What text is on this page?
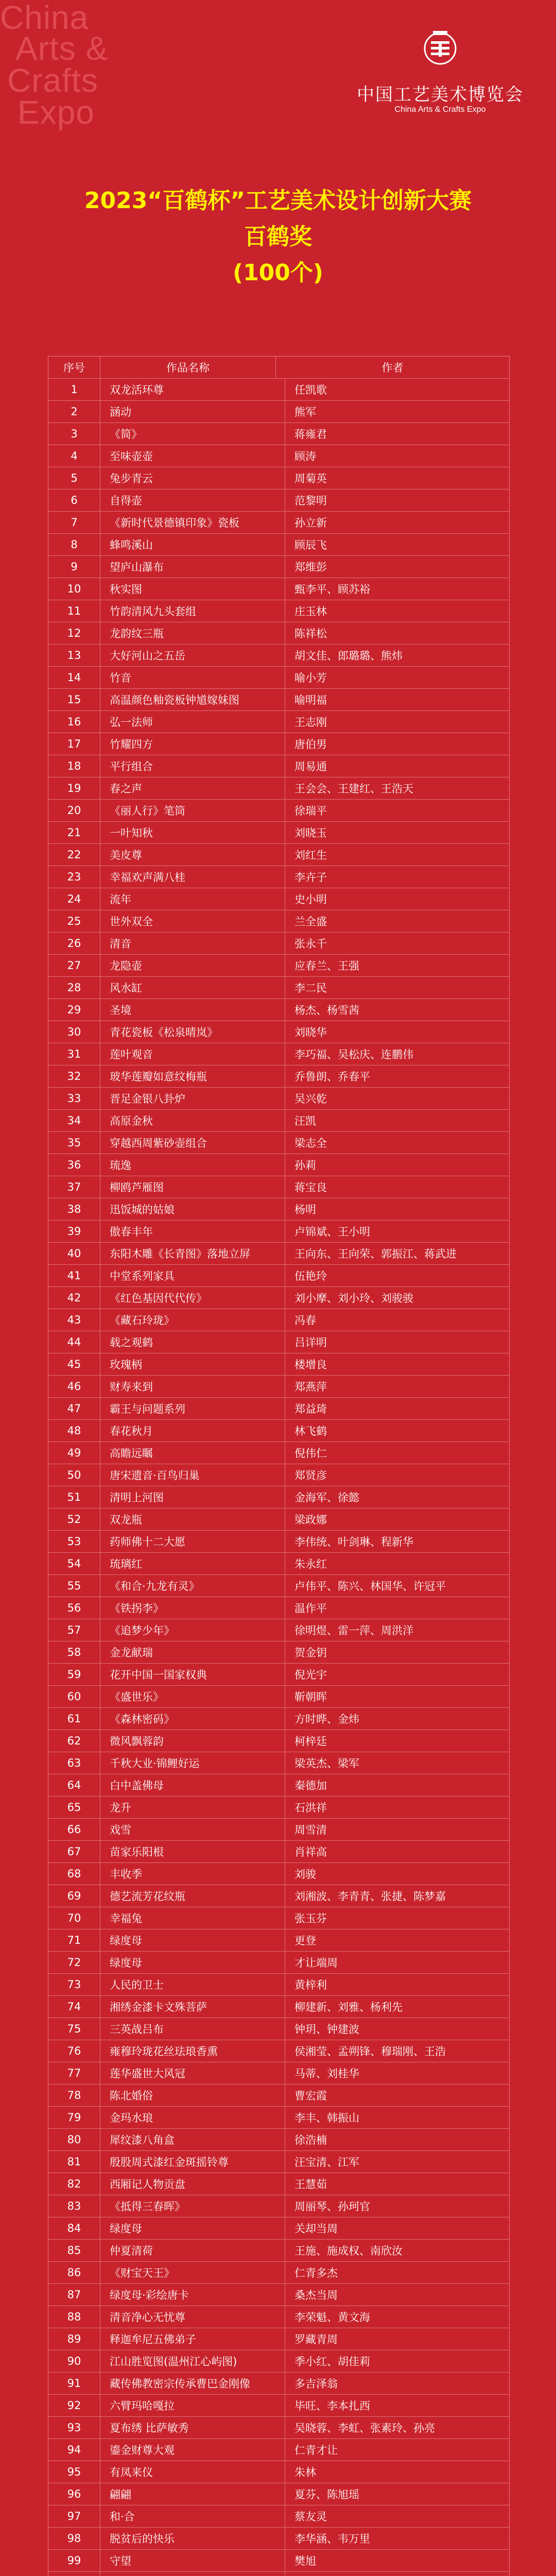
China
Arts &
Crafts
Expo	中国工艺美术博览会
China Arts & Crafts Expo
2023“百鹤杯”工艺美术设计创新大赛
百鹤奖
(100个)
序号	作品名称	作者
1	双龙活环尊	任凯歌
2	涵动	熊军
3	《简》	蒋雍君
4	至味壶壶	顾涛
5	兔步青云	周菊英
6	自得壶	范黎明
7	《新时代景德镇印象》瓷板	孙立新
8	蜂鸣溪山	顾辰飞
9	望庐山瀑布	郑维彭
10	秋实图	甄李平、顾苏裕
11	竹韵清风九头套组	庄玉林
12	龙韵纹三瓶	陈祥松
13	大好河山之五岳	胡文佳、郎璐璐、熊炜
14	竹音	喻小芳
15	高温颜色釉瓷板钟馗嫁妹图	喻明福
16	弘一法师	王志刚
17	竹耀四方	唐伯男
18	平行组合	周易通
19	春之声	王会会、王建红、王浩天
20	《丽人行》笔筒	徐瑞平
21	一叶知秋	刘晓玉
22	美皮尊	刘红生
23	幸福欢声满八桂	李卉子
24	流年	史小明
25	世外双全	兰全盛
26	清音	张永千
27	龙隐壶	应春兰、王强
28	风水缸	李二民
29	圣境	杨杰、杨雪茜
30	青花瓷板《松泉晴岚》	刘晓华
31	莲叶观音	李巧福、吴松庆、连鹏伟
32	玻华莲瓣如意纹梅瓶	乔鲁朗、乔春平
33	晋足金银八卦炉	吴兴乾
34	高原金秋	汪凯
35	穿越西周紫砂壶组合	梁志全
36	琉逸	孙莉
37	柳鸥芦雁图	蒋宝良
38	迅饭城的姑娘	杨明
39	傲春丰年	卢锦斌、王小明
40	东阳木雕《长青图》落地立屏	王向东、王向荣、郭振江、蒋武进
41	中堂系列家具	伍艳玲
42	《红色基因代代传》	刘小摩、刘小玲、刘骏骏
43	《藏石玲珑》	冯春
44	载之观鹤	吕详明
45	玫瑰柄	楼增良
46	财寿来到	郑燕萍
47	霸王与问题系列	郑益琦
48	春花秋月	林飞鹤
49	高瞻远瞩	倪伟仁
50	唐宋遗音·百鸟归巢	郑贤彦
51	清明上河图	金海军、徐懿
52	双龙瓶	梁政娜
53	药师佛十二大愿	李伟统、叶剑琳、程新华
54	琉璃红	朱永红
55	《和合·九龙有灵》	卢伟平、陈兴、林国华、许冠平
56	《铁拐李》	温作平
57	《追梦少年》	徐明煜、雷一萍、周洪洋
58	金龙献瑞	贺金钥
59	花开中国一国家权典	倪光宇
60	《盛世乐》	靳朝晖
61	《森林密码》	方时晔、金炜
62	微风飘蓉韵	柯梓廷
63	千秋大业·锦鲤好运	梁英杰、梁军
64	白中盖佛母	秦德加
65	龙升	石洪祥
66	戏雪	周雪清
67	苗家乐阳根	肖祥高
68	丰收季	刘骏
69	德艺流芳花纹瓶	刘湘波、李青青、张捷、陈梦嘉
70	幸福兔	张玉芬
71	绿度母	更登
72	绿度母	才让端周
73	人民的卫士	黄梓利
74	湘绣金漆卡文殊菩萨	柳建新、刘雅、杨利先
75	三英战吕布	钟玥、钟建波
76	雍穆玲珑花丝珐琅香熏	侯湘莹、孟朔锋、穆瑞刚、王浩
77	莲华盛世大风冠	马蒂、刘桂华
78	陈北婚俗	曹宏霞
79	金玛水琅	李丰、韩振山
80	犀纹漆八角盒	徐浩楠
81	殷股周式漆红金斑摇铃尊	汪宝清、江军
82	西厢记人物贡盘	王慧茹
83	《抵得三春晖》	周丽琴、孙珂官
84	绿度母	关却当周
85	仲夏清荷	王施、施成权、南欣汝
86	《财宝天王》	仁青多杰
87	绿度母·彩绘唐卡	桑杰当周
88	清音净心无忧尊	李荣魁、黄文海
89	释迦牟尼五佛弟子	罗藏青周
90	江山胜览图(温州江心屿图)	季小红、胡佳莉
91	藏传佛教密宗传承曹巴金刚像	多吉泽翁
92	六臂玛哈嘎拉	毕旺、李本扎西
93	夏布绣 比萨敏秀	吴晓蓉、李虹、张素玲、孙亮
94	鎏金财尊大观	仁青才让
95	有凤来仪	朱林
96	翩翩	夏芬、陈旭瑶
97	和·合	蔡友灵
98	脱贫后的快乐	李华涵、韦万里
99	守望	樊旭
